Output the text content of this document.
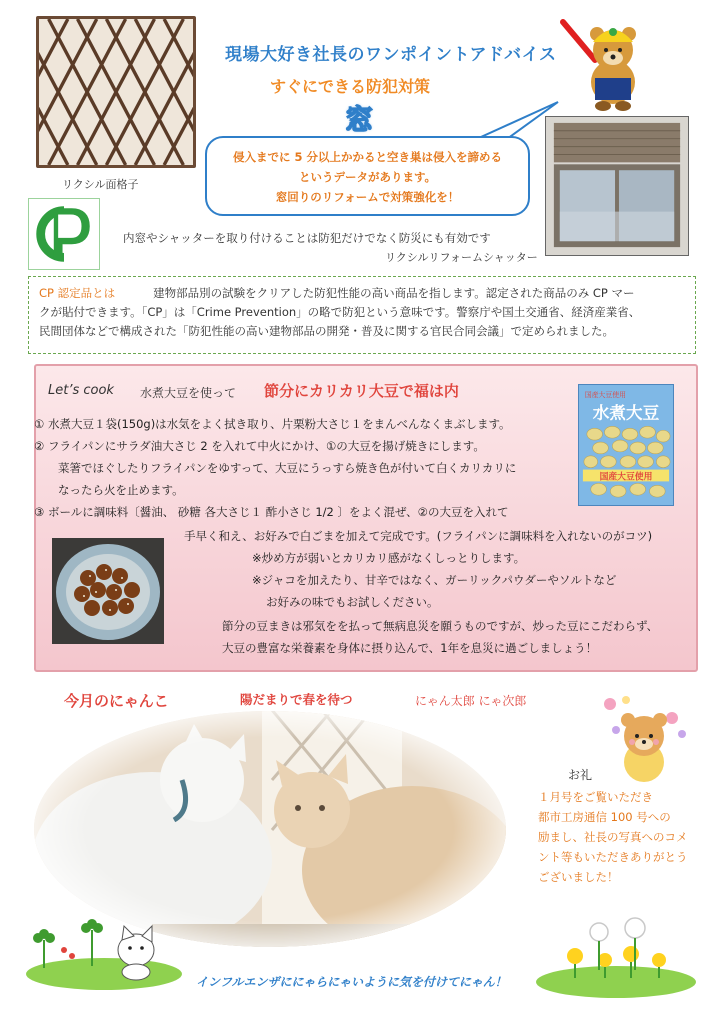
リクシル面格子
現場大好き社長のワンポイントアドバイス
すぐにできる防犯対策
窓
侵入までに 5 分以上かかると空き巣は侵入を諦める
というデータがあります。
窓回りのリフォームで対策強化を！
リクシルリフォームシャッター
内窓やシャッターを取り付けることは防犯だけでなく防災にも有効です
CP 認定品とは	建物部品別の試験をクリアした防犯性能の高い商品を指します。認定された商品のみ CP マー
クが貼付できます。「CP」は「Crime Prevention」の略で防犯という意味です。警察庁や国土交通省、経済産業省、
民間団体などで構成された「防犯性能の高い建物部品の開発・普及に関する官民合同会議」で定められました。
Let’s cook 水煮大豆を使って 節分にカリカリ大豆で福は内	国産大豆使用
水煮大豆
国産大豆使用
① 水煮大豆１袋(150g)は水気をよく拭き取り、片栗粉大さじ１をまんべんなくまぶします。
② フライパンにサラダ油大さじ 2 を入れて中火にかけ、①の大豆を揚げ焼きにします。
菜箸でほぐしたりフライパンをゆすって、大豆にうっすら焼き色が付いて白くカリカリに
なったら火を止めます。
③ ボールに調味料〔醤油、 砂糖 各大さじ１ 酢小さじ 1/2 〕をよく混ぜ、②の大豆を入れて
手早く和え、お好みで白ごまを加えて完成です。(フライパンに調味料を入れないのがコツ)
※炒め方が弱いとカリカリ感がなくしっとりします。
※ジャコを加えたり、甘辛ではなく、ガーリックパウダーやソルトなど
お好みの味でもお試しください。
節分の豆まきは邪気をを払って無病息災を願うものですが、炒った豆にこだわらず、
大豆の豊富な栄養素を身体に摂り込んで、1年を息災に過ごしましょう！
今月のにゃんこ	陽だまりで春を待つ	にゃん太郎 にゃ次郎
お礼
１月号をご覧いただき
都市工房通信 100 号への
励まし、社長の写真へのコメ
ント等もいただきありがとう
ございました！
インフルエンザににゃらにゃいように気を付けてにゃん！
